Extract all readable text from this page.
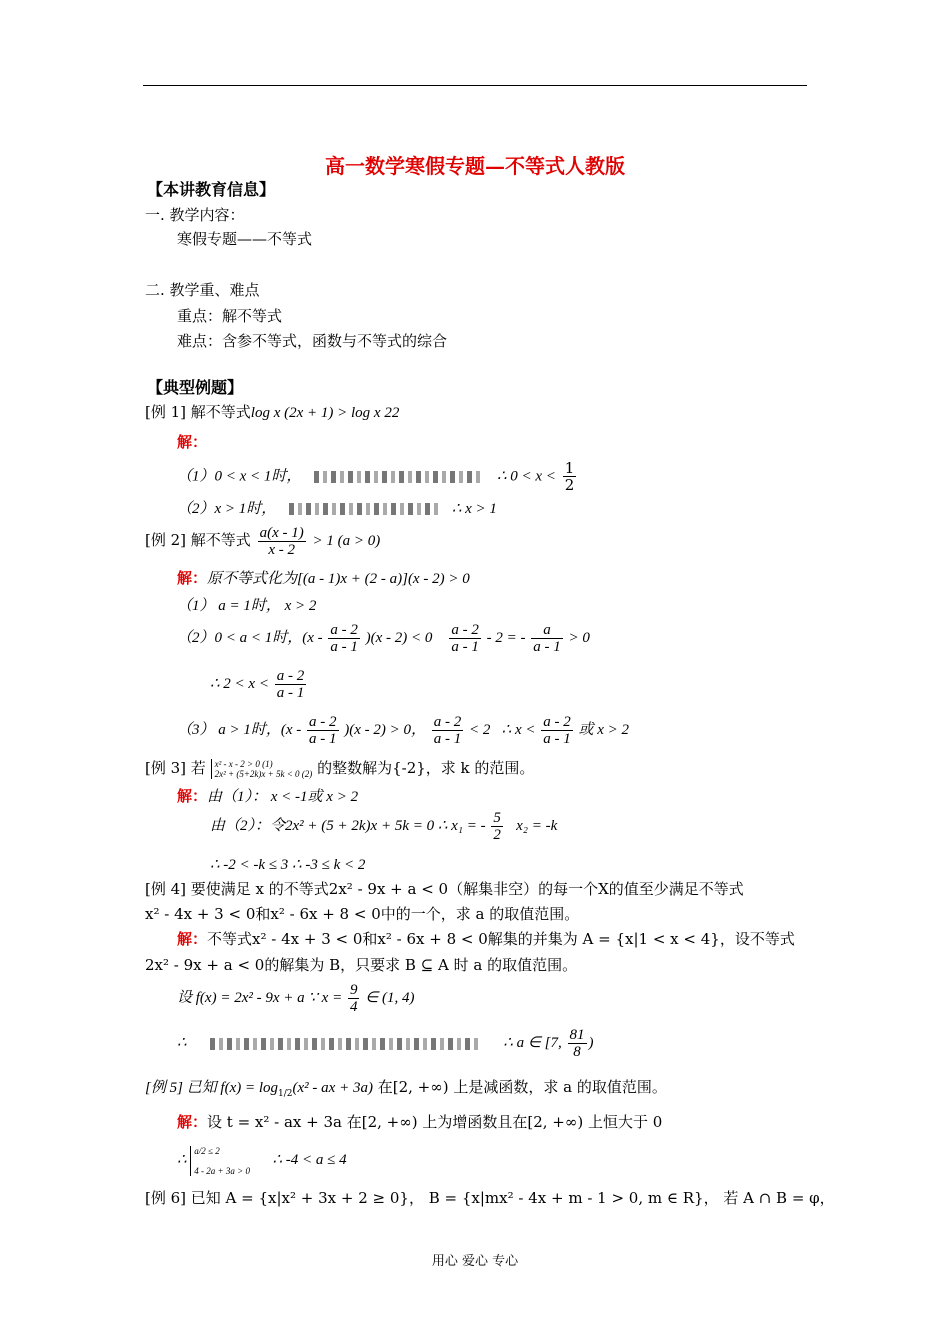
高一数学寒假专题—不等式人教版
【本讲教育信息】
一. 教学内容：
寒假专题——不等式
二. 教学重、难点
重点：解不等式
难点：含参不等式，函数与不等式的综合
【典型例题】
[例 1] 解不等式log x (2x + 1) > log x 22
解：
（1）0 < x < 1时，	∴ $0 < x < \frac{1}{2}$
（2）x > 1时，	∴ x > 1
[例 2] 解不等式 $\frac{a(x - 1)}{x - 2} > 1$ (a > 0)
解：原不等式化为[(a - 1)x + (2 - a)](x - 2) > 0
（1） a = 1时， x > 2
（2）0 < a < 1时，$(x - \frac{a - 2}{a - 1} )(x - 2) < 0 \frac{a - 2}{a - 1} - 2$ = - $\frac{a}{a - 1} > 0$
∴ $2 < x < \frac{a - 2}{a - 1}$
（3） a > 1时，$(x - \frac{a - 2}{a - 1} )(x - 2) > 0$， $\frac{a - 2}{a - 1} < 2$ ∴ $x < \frac{a - 2}{a - 1}$ 或 x > 2
[例 3] 若 x² - x - 2 > 0 (1)
2x² + (5+2k)x + 5k < 0 (2) 的整数解为{-2}，求 k 的范围。
解：由（1）： x < -1或 x > 2
由（2）：令2x² + (5 + 2k)x + 5k = 0 ∴ x₁ = - $\frac{5}{2} x_2 = -k$
∴ -2 < -k ≤ 3 ∴ -3 ≤ k < 2
[例 4] 要使满足 x 的不等式2x² - 9x + a < 0（解集非空）的每一个X的值至少满足不等式
x² - 4x + 3 < 0和x² - 6x + 8 < 0中的一个，求 a 的取值范围。
解：不等式x² - 4x + 3 < 0和x² - 6x + 8 < 0解集的并集为 A = {x|1 < x < 4}，设不等式
2x² - 9x + a < 0的解集为 B，只要求 B ⊆ A 时 a 的取值范围。
设 f(x) = 2x² - 9x + a ∵ $x = \frac{9}{4}$ ∈ (1, 4)
∴	∴ a ∈ [7, $\frac{81}{8}$ )
[例 5] 已知 $f(x) = \log_{1/2}(x^2$ - ax + 3a) 在[2, +∞) 上是减函数，求 a 的取值范围。
解：设 t = x² - ax + 3a 在[2, +∞) 上为增函数且在[2, +∞) 上恒大于 0
∴ a/2 ≤ 2

4 - 2a + 3a > 0      ∴ -4 < a ≤ 4
[例 6] 已知 A = {x|x² + 3x + 2 ≥ 0}， B = {x|mx² - 4x + m - 1 > 0, m ∈ R}， 若 A ∩ B = φ，
用心 爱心 专心
